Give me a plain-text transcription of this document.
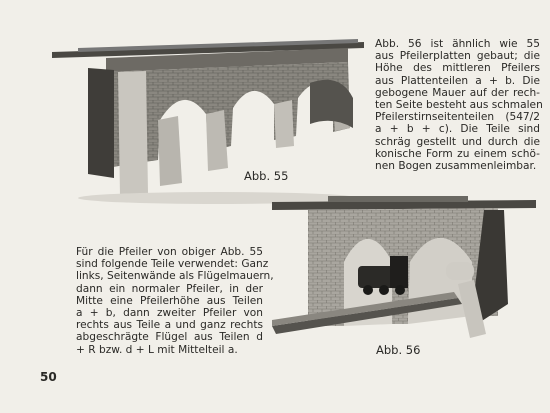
Abb. 55
Abb. 56 ist ähnlich wie 55
aus Pfeilerplatten gebaut; die
Höhe des mittleren Pfeilers
aus Plattenteilen a + b. Die
gebogene Mauer auf der rech-
ten Seite besteht aus schmalen
Pfeilerstirnseitenteilen (547/2
a + b + c). Die Teile sind
schräg gestellt und durch die
konische Form zu einem schö-
nen Bogen zusammenleimbar.
Abb. 56
Für die Pfeiler von obiger Abb. 55
sind folgende Teile verwendet: Ganz
links, Seitenwände als Flügelmauern,
dann ein normaler Pfeiler, in der
Mitte eine Pfeilerhöhe aus Teilen
a + b, dann zweiter Pfeiler von
rechts aus Teile a und ganz rechts
abgeschrägte Flügel aus Teilen d
+ R bzw. d + L mit Mittelteil a.
50
